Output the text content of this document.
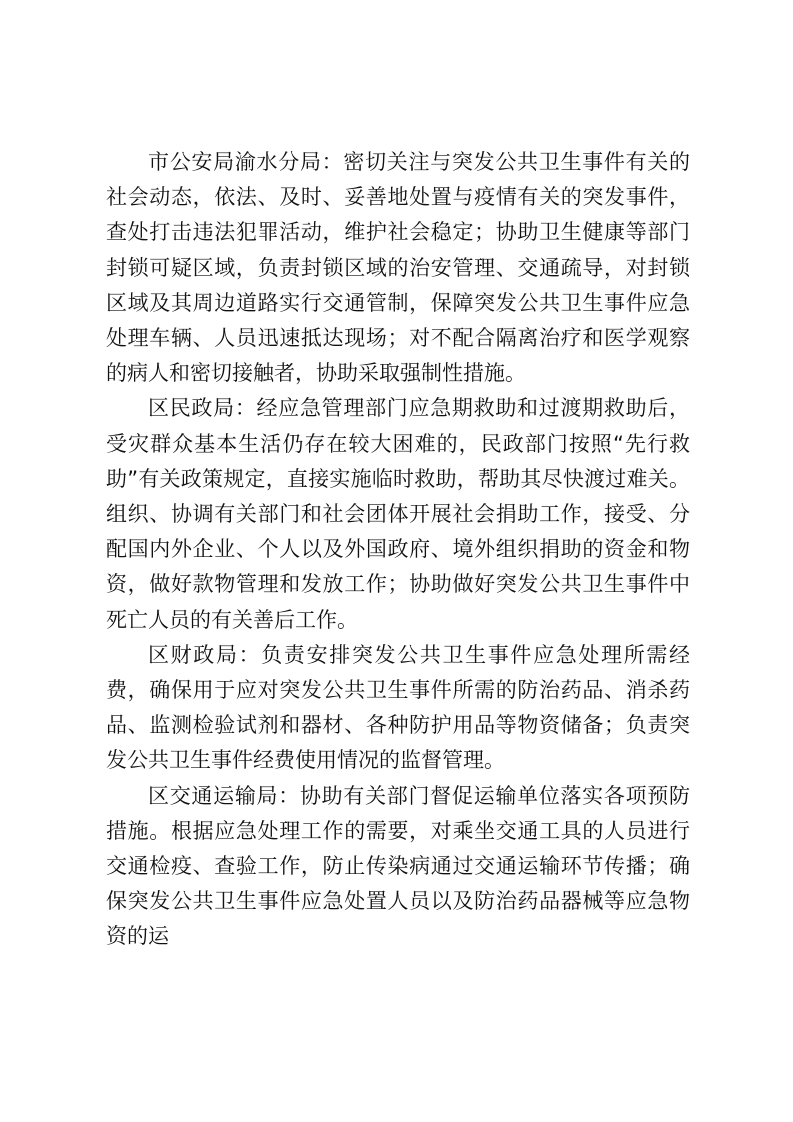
市公安局渝水分局：密切关注与突发公共卫生事件有关的社会动态，依法、及时、妥善地处置与疫情有关的突发事件，查处打击违法犯罪活动，维护社会稳定；协助卫生健康等部门封锁可疑区域，负责封锁区域的治安管理、交通疏导，对封锁区域及其周边道路实行交通管制，保障突发公共卫生事件应急处理车辆、人员迅速抵达现场；对不配合隔离治疗和医学观察的病人和密切接触者，协助采取强制性措施。

区民政局：经应急管理部门应急期救助和过渡期救助后，受灾群众基本生活仍存在较大困难的，民政部门按照“先行救助”有关政策规定，直接实施临时救助，帮助其尽快渡过难关。组织、协调有关部门和社会团体开展社会捐助工作，接受、分配国内外企业、个人以及外国政府、境外组织捐助的资金和物资，做好款物管理和发放工作；协助做好突发公共卫生事件中死亡人员的有关善后工作。

区财政局：负责安排突发公共卫生事件应急处理所需经费，确保用于应对突发公共卫生事件所需的防治药品、消杀药品、监测检验试剂和器材、各种防护用品等物资储备；负责突发公共卫生事件经费使用情况的监督管理。

区交通运输局：协助有关部门督促运输单位落实各项预防措施。根据应急处理工作的需要，对乘坐交通工具的人员进行交通检疫、查验工作，防止传染病通过交通运输环节传播；确保突发公共卫生事件应急处置人员以及防治药品器械等应急物资的运
